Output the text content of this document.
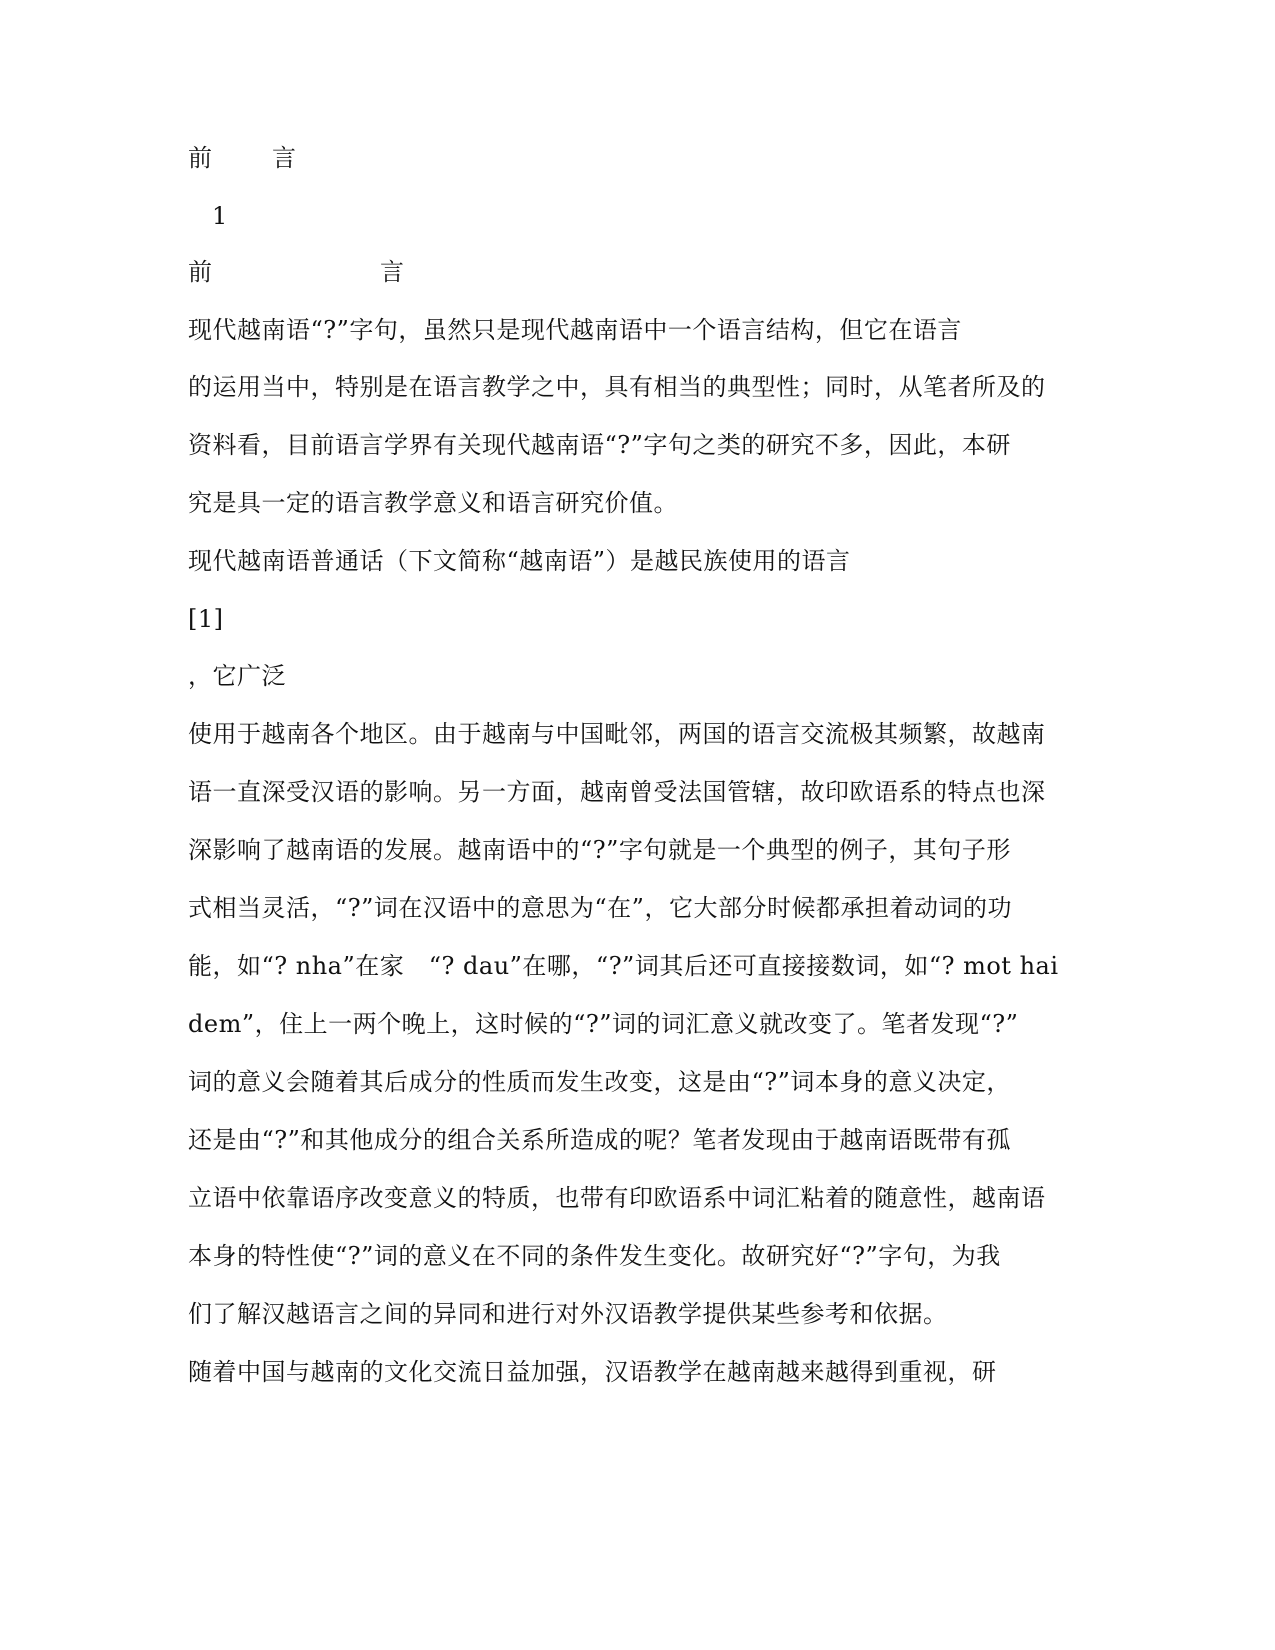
前　言
1
前　　言
现代越南语“?”字句，虽然只是现代越南语中一个语言结构，但它在语言
的运用当中，特别是在语言教学之中，具有相当的典型性；同时，从笔者所及的
资料看，目前语言学界有关现代越南语“?”字句之类的研究不多，因此，本研
究是具一定的语言教学意义和语言研究价值。
现代越南语普通话（下文简称“越南语”）是越民族使用的语言
[1]
，它广泛
使用于越南各个地区。由于越南与中国毗邻，两国的语言交流极其频繁，故越南
语一直深受汉语的影响。另一方面，越南曾受法国管辖，故印欧语系的特点也深
深影响了越南语的发展。越南语中的“?”字句就是一个典型的例子，其句子形
式相当灵活，“?”词在汉语中的意思为“在”，它大部分时候都承担着动词的功
能，如“? nha”在家　“? dau”在哪，“?”词其后还可直接接数词，如“? mot hai
dem”，住上一两个晚上，这时候的“?”词的词汇意义就改变了。笔者发现“?”
词的意义会随着其后成分的性质而发生改变，这是由“?”词本身的意义决定，
还是由“?”和其他成分的组合关系所造成的呢？笔者发现由于越南语既带有孤
立语中依靠语序改变意义的特质，也带有印欧语系中词汇粘着的随意性，越南语
本身的特性使“?”词的意义在不同的条件发生变化。故研究好“?”字句，为我
们了解汉越语言之间的异同和进行对外汉语教学提供某些参考和依据。
随着中国与越南的文化交流日益加强，汉语教学在越南越来越得到重视，研
